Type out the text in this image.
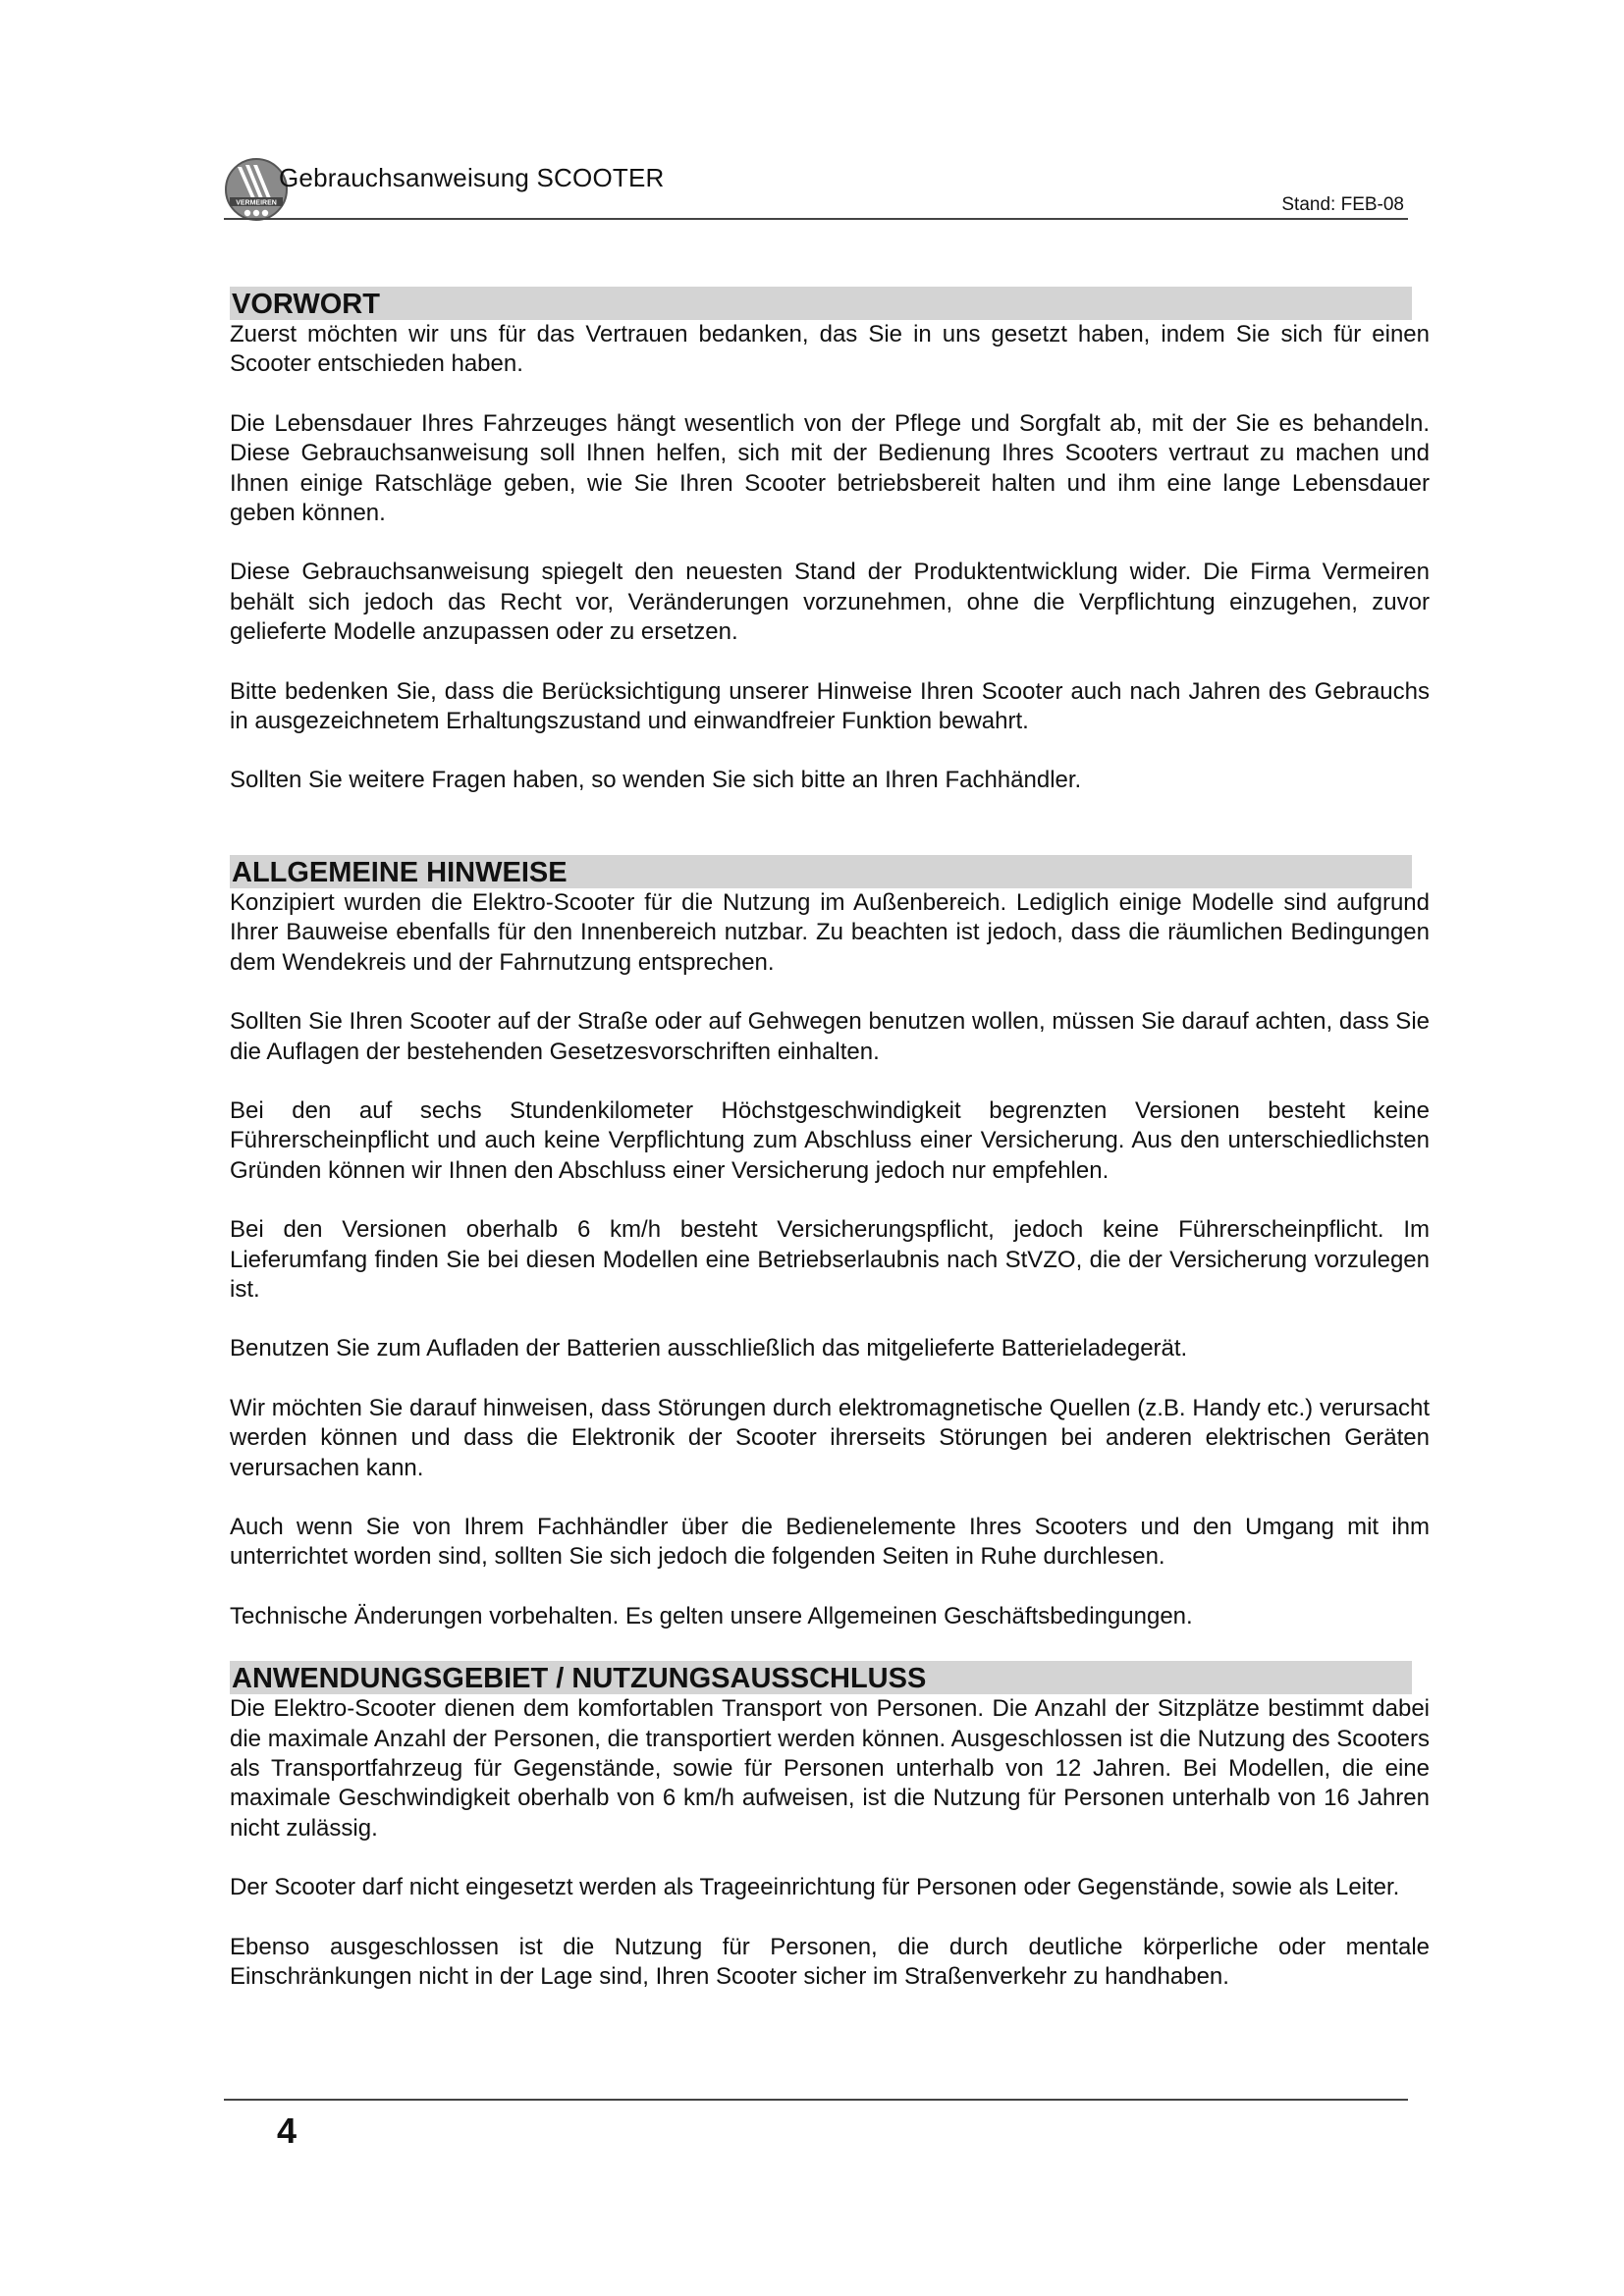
VERMEIREN
Gebrauchsanweisung SCOOTER
Stand: FEB-08
VORWORT

Zuerst möchten wir uns für das Vertrauen bedanken, das Sie in uns gesetzt haben, indem Sie sich für einen Scooter entschieden haben.

Die Lebensdauer Ihres Fahrzeuges hängt wesentlich von der Pflege und Sorgfalt ab, mit der Sie es behandeln. Diese Gebrauchsanweisung soll Ihnen helfen, sich mit der Bedienung Ihres Scooters vertraut zu machen und Ihnen einige Ratschläge geben, wie Sie Ihren Scooter betriebsbereit halten und ihm eine lange Lebensdauer geben können.

Diese Gebrauchsanweisung spiegelt den neuesten Stand der Produktentwicklung wider. Die Firma Vermeiren behält sich jedoch das Recht vor, Veränderungen vorzunehmen, ohne die Verpflichtung einzugehen, zuvor gelieferte Modelle anzupassen oder zu ersetzen.

Bitte bedenken Sie, dass die Berücksichtigung unserer Hinweise Ihren Scooter auch nach Jahren des Gebrauchs in ausgezeichnetem Erhaltungszustand und einwandfreier Funktion bewahrt.

Sollten Sie weitere Fragen haben, so wenden Sie sich bitte an Ihren Fachhändler.

ALLGEMEINE HINWEISE

Konzipiert wurden die Elektro-Scooter für die Nutzung im Außenbereich. Lediglich einige Modelle sind aufgrund Ihrer Bauweise ebenfalls für den Innenbereich nutzbar. Zu beachten ist jedoch, dass die räumlichen Bedingungen dem Wendekreis und der Fahrnutzung entsprechen.

Sollten Sie Ihren Scooter auf der Straße oder auf Gehwegen benutzen wollen, müssen Sie darauf achten, dass Sie die Auflagen der bestehenden Gesetzesvorschriften einhalten.

Bei den auf sechs Stundenkilometer Höchstgeschwindigkeit begrenzten Versionen besteht keine Führerscheinpflicht und auch keine Verpflichtung zum Abschluss einer Versicherung. Aus den unterschiedlichsten Gründen können wir Ihnen den Abschluss einer Versicherung jedoch nur empfehlen.

Bei den Versionen oberhalb 6 km/h besteht Versicherungspflicht, jedoch keine Führerscheinpflicht. Im Lieferumfang finden Sie bei diesen Modellen eine Betriebserlaubnis nach StVZO, die der Versicherung vorzulegen ist.

Benutzen Sie zum Aufladen der Batterien ausschließlich das mitgelieferte Batterieladegerät.

Wir möchten Sie darauf hinweisen, dass Störungen durch elektromagnetische Quellen (z.B. Handy etc.) verursacht werden können und dass die Elektronik der Scooter ihrerseits Störungen bei anderen elektrischen Geräten verursachen kann.

Auch wenn Sie von Ihrem Fachhändler über die Bedienelemente Ihres Scooters und den Umgang mit ihm unterrichtet worden sind, sollten Sie sich jedoch die folgenden Seiten in Ruhe durchlesen.

Technische Änderungen vorbehalten. Es gelten unsere Allgemeinen Geschäftsbedingungen.

ANWENDUNGSGEBIET / NUTZUNGSAUSSCHLUSS

Die Elektro-Scooter dienen dem komfortablen Transport von Personen. Die Anzahl der Sitzplätze bestimmt dabei die maximale Anzahl der Personen, die transportiert werden können. Ausgeschlossen ist die Nutzung des Scooters als Transportfahrzeug für Gegenstände, sowie für Personen unterhalb von 12 Jahren. Bei Modellen, die eine maximale Geschwindigkeit oberhalb von 6 km/h aufweisen, ist die Nutzung für Personen unterhalb von 16 Jahren nicht zulässig.

Der Scooter darf nicht eingesetzt werden als Trageeinrichtung für Personen oder Gegenstände, sowie als Leiter.

Ebenso ausgeschlossen ist die Nutzung für Personen, die durch deutliche körperliche oder mentale Einschränkungen nicht in der Lage sind, Ihren Scooter sicher im Straßenverkehr zu handhaben.

4
